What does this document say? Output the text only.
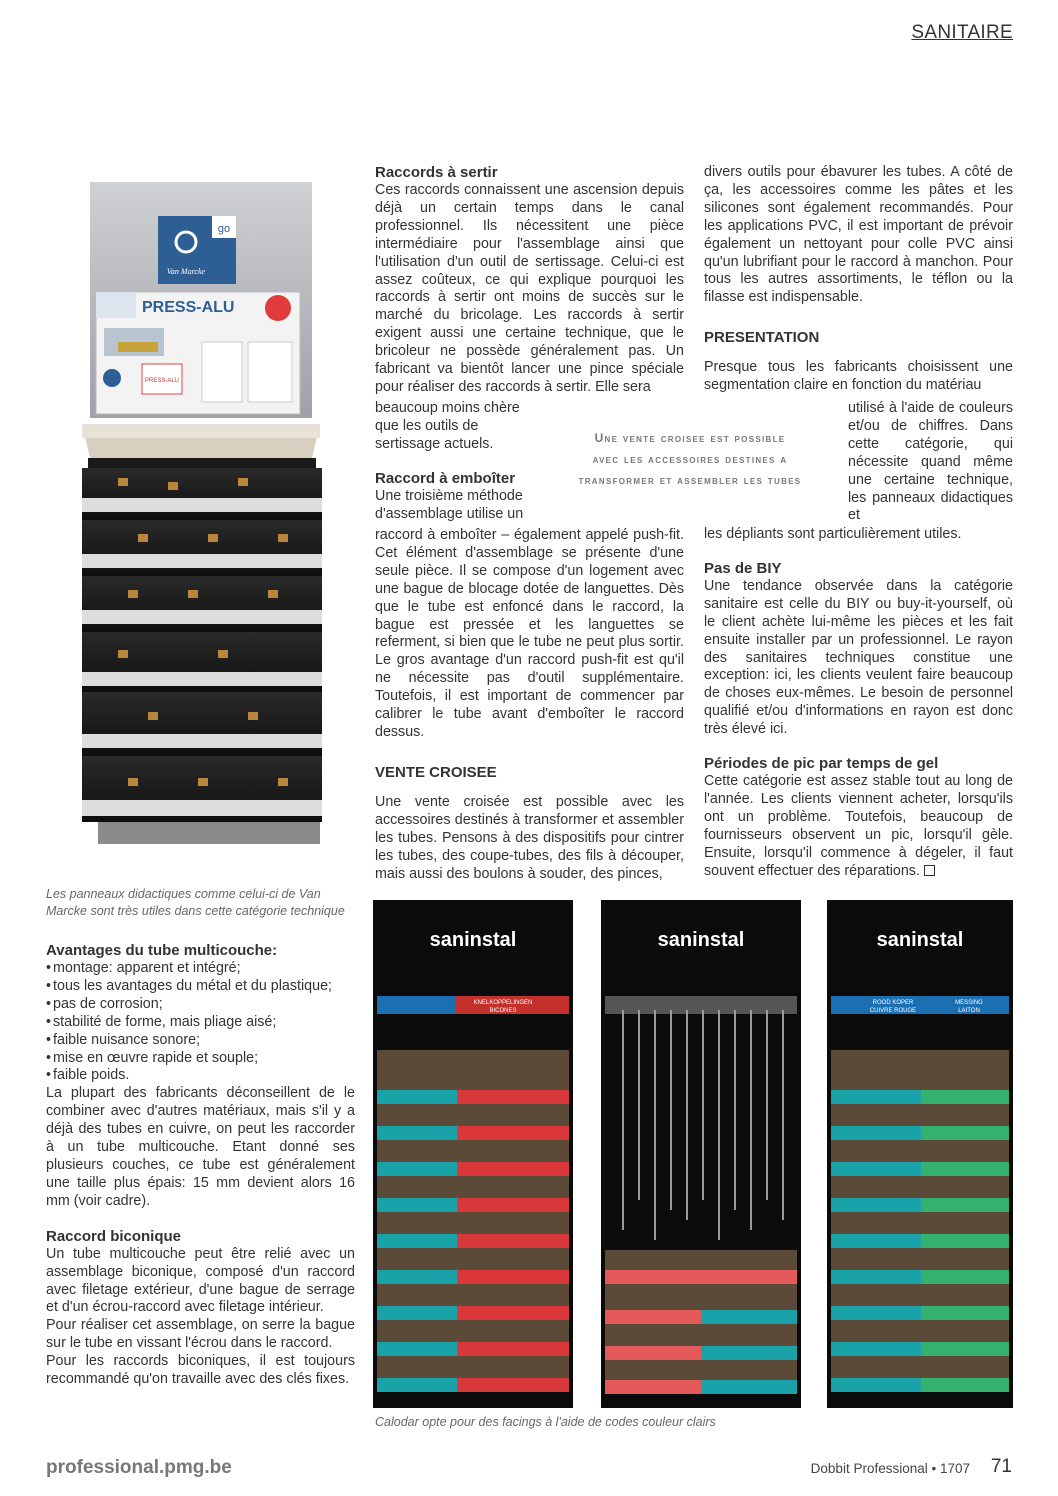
SANITAIRE
go
Van Marcke
PRESS-ALU
PRESS-ALU
Les panneaux didactiques comme celui-ci de Van Marcke sont très utiles dans cette catégorie technique
Avantages du tube multicouche:
• montage: apparent et intégré;
• tous les avantages du métal et du plastique;
• pas de corrosion;
• stabilité de forme, mais pliage aisé;
• faible nuisance sonore;
• mise en œuvre rapide et souple;
• faible poids.

La plupart des fabricants déconseillent de le combiner avec d'autres matériaux, mais s'il y a déjà des tubes en cuivre, on peut les raccorder à un tube multicouche. Etant donné ses plusieurs couches, ce tube est généralement une taille plus épais: 15 mm devient alors 16 mm (voir cadre).

Raccord biconique

Un tube multicouche peut être relié avec un assemblage biconique, composé d'un raccord avec filetage extérieur, d'une bague de serrage et d'un écrou-raccord avec filetage intérieur.

Pour réaliser cet assemblage, on serre la bague sur le tube en vissant l'écrou dans le raccord.

Pour les raccords biconiques, il est toujours recommandé qu'on travaille avec des clés fixes.

Raccords à sertir

Ces raccords connaissent une ascension depuis déjà un certain temps dans le canal professionnel. Ils nécessitent une pièce intermédiaire pour l'assemblage ainsi que l'utilisation d'un outil de sertissage. Celui-ci est assez coûteux, ce qui explique pourquoi les raccords à sertir ont moins de succès sur le marché du bricolage. Les raccords à sertir exigent aussi une certaine technique, que le bricoleur ne possède généralement pas. Un fabricant va bientôt lancer une pince spéciale pour réaliser des raccords à sertir. Elle sera

beaucoup moins chère que les outils de sertissage actuels.

Raccord à emboîter

Une troisième méthode d'assemblage utilise un

raccord à emboîter – également appelé push-fit. Cet élément d'assemblage se présente d'une seule pièce. Il se compose d'un logement avec une bague de blocage dotée de languettes. Dès que le tube est enfoncé dans le raccord, la bague est pressée et les languettes se referment, si bien que le tube ne peut plus sortir. Le gros avantage d'un raccord push-fit est qu'il ne nécessite pas d'outil supplémentaire. Toutefois, il est important de commencer par calibrer le tube avant d'emboîter le raccord dessus.

VENTE CROISEE

Une vente croisée est possible avec les accessoires destinés à transformer et assembler les tubes. Pensons à des dispositifs pour cintrer les tubes, des coupe-tubes, des fils à découper, mais aussi des boulons à souder, des pinces,

Une vente croisee est possible
avec les accessoires destines a
transformer et assembler les tubes

divers outils pour ébavurer les tubes. A côté de ça, les accessoires comme les pâtes et les silicones sont également recommandés. Pour les applications PVC, il est important de prévoir également un nettoyant pour colle PVC ainsi qu'un lubrifiant pour le raccord à manchon. Pour tous les autres assortiments, le téflon ou la filasse est indispensable.

PRESENTATION

Presque tous les fabricants choisissent une segmentation claire en fonction du matériau

utilisé à l'aide de couleurs et/ou de chiffres. Dans cette catégorie, qui nécessite quand même une certaine technique, les panneaux didactiques et

les dépliants sont particulièrement utiles.

Pas de BIY

Une tendance observée dans la catégorie sanitaire est celle du BIY ou buy-it-yourself, où le client achète lui-même les pièces et les fait ensuite installer par un professionnel. Le rayon des sanitaires techniques constitue une exception: ici, les clients veulent faire beaucoup de choses eux-mêmes. Le besoin de personnel qualifié et/ou d'informations en rayon est donc très élevé ici.

Périodes de pic par temps de gel

Cette catégorie est assez stable tout au long de l'année. Les clients viennent acheter, lorsqu'ils ont un problème. Toutefois, beaucoup de fournisseurs observent un pic, lorsqu'il gèle. Ensuite, lorsqu'il commence à dégeler, il faut souvent effectuer des réparations.

saninstal
KNELKOPPELINGEN
BICONES
saninstal	saninstal
ROOD KOPER
CUIVRE ROUGE
MESSING
LAITON
Calodar opte pour des facings à l'aide de codes couleur clairs
professional.pmg.be	Dobbit Professional • 1707 71
